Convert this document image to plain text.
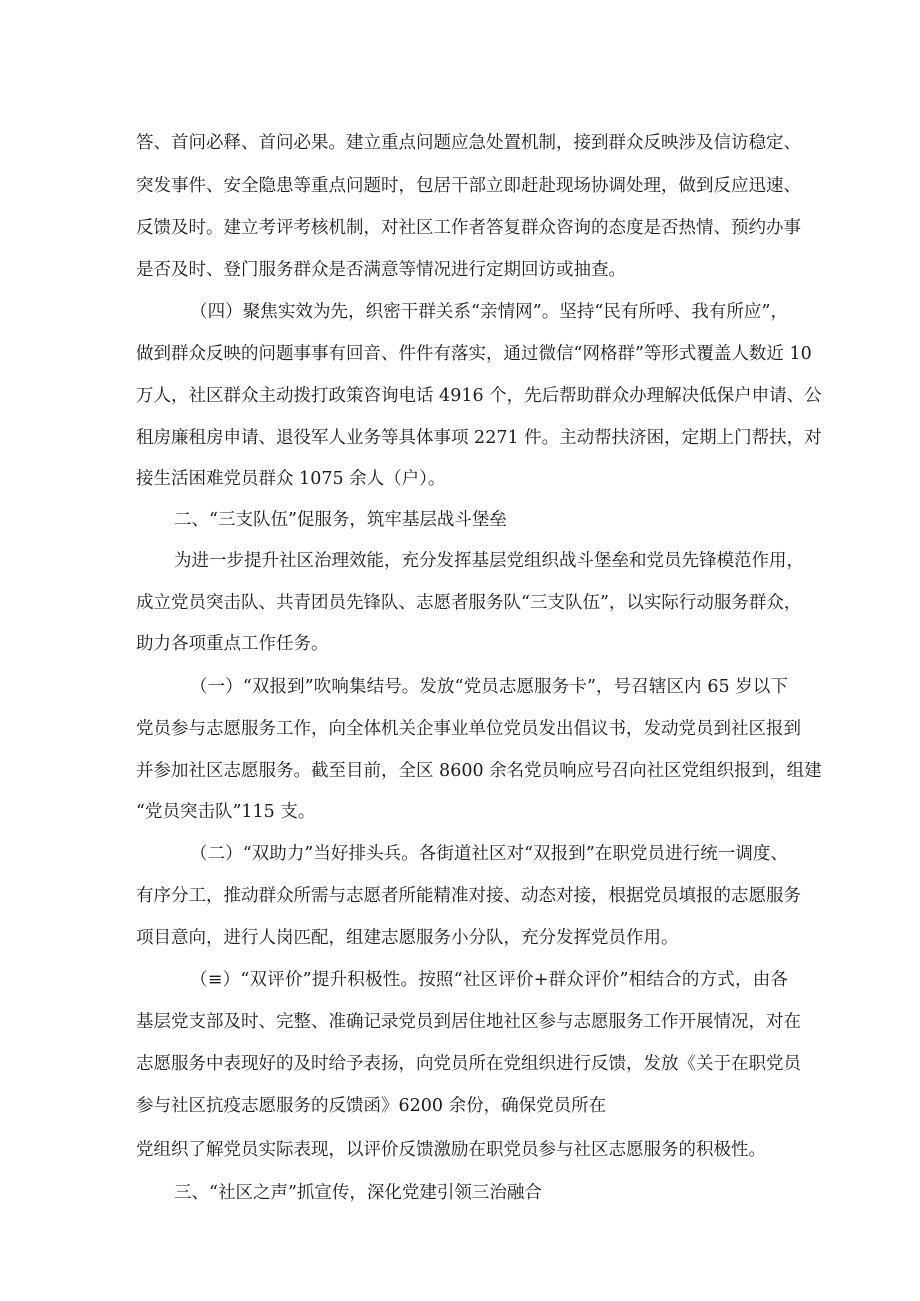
答、首问必释、首问必果。建立重点问题应急处置机制，接到群众反映涉及信访稳定、
突发事件、安全隐患等重点问题时，包居干部立即赶赴现场协调处理，做到反应迅速、
反馈及时。建立考评考核机制，对社区工作者答复群众咨询的态度是否热情、预约办事
是否及时、登门服务群众是否满意等情况进行定期回访或抽查。
（四）聚焦实效为先，织密干群关系“亲情网”。坚持“民有所呼、我有所应”，
做到群众反映的问题事事有回音、件件有落实，通过微信“网格群”等形式覆盖人数近 10
万人，社区群众主动拨打政策咨询电话 4916 个，先后帮助群众办理解决低保户申请、公
租房廉租房申请、退役军人业务等具体事项 2271 件。主动帮扶济困，定期上门帮扶，对
接生活困难党员群众 1075 余人（户）。
二、“三支队伍”促服务，筑牢基层战斗堡垒
为进一步提升社区治理效能，充分发挥基层党组织战斗堡垒和党员先锋模范作用，
成立党员突击队、共青团员先锋队、志愿者服务队“三支队伍”，以实际行动服务群众，
助力各项重点工作任务。
（一）“双报到”吹响集结号。发放“党员志愿服务卡”，号召辖区内 65 岁以下
党员参与志愿服务工作，向全体机关企事业单位党员发出倡议书，发动党员到社区报到
并参加社区志愿服务。截至目前，全区 8600 余名党员响应号召向社区党组织报到，组建
“党员突击队”115 支。
（二）“双助力”当好排头兵。各街道社区对“双报到”在职党员进行统一调度、
有序分工，推动群众所需与志愿者所能精准对接、动态对接，根据党员填报的志愿服务
项目意向，进行人岗匹配，组建志愿服务小分队，充分发挥党员作用。
（≡）“双评价”提升积极性。按照“社区评价+群众评价”相结合的方式，由各
基层党支部及时、完整、准确记录党员到居住地社区参与志愿服务工作开展情况，对在
志愿服务中表现好的及时给予表扬，向党员所在党组织进行反馈，发放《关于在职党员
参与社区抗疫志愿服务的反馈函》6200 余份，确保党员所在
党组织了解党员实际表现，以评价反馈激励在职党员参与社区志愿服务的积极性。
三、“社区之声”抓宣传，深化党建引领三治融合
